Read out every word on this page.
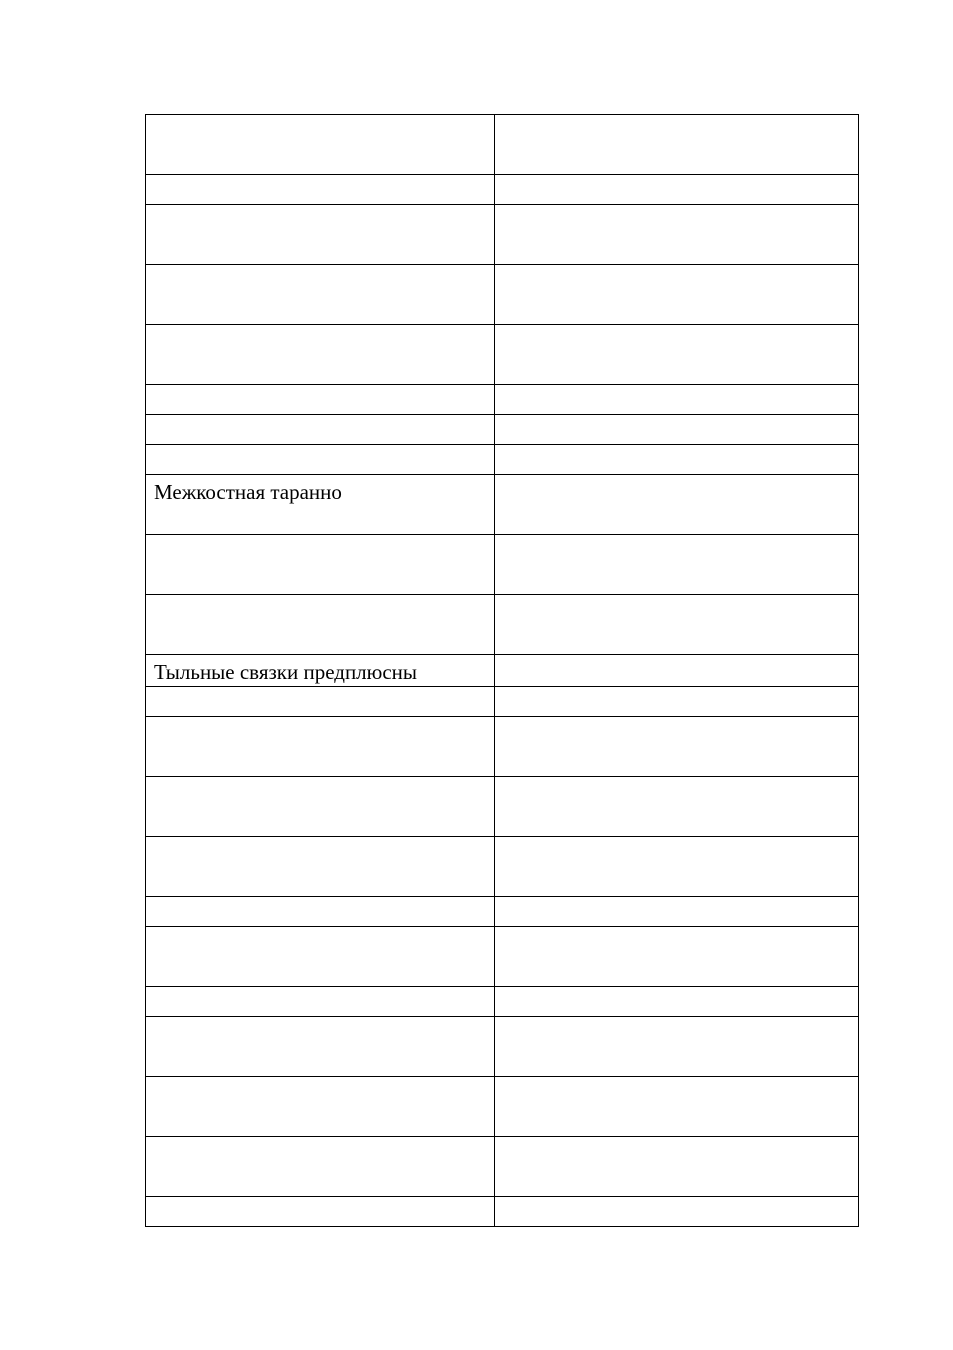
Межкостная таранно	

Тыльные связки предплюсны	
